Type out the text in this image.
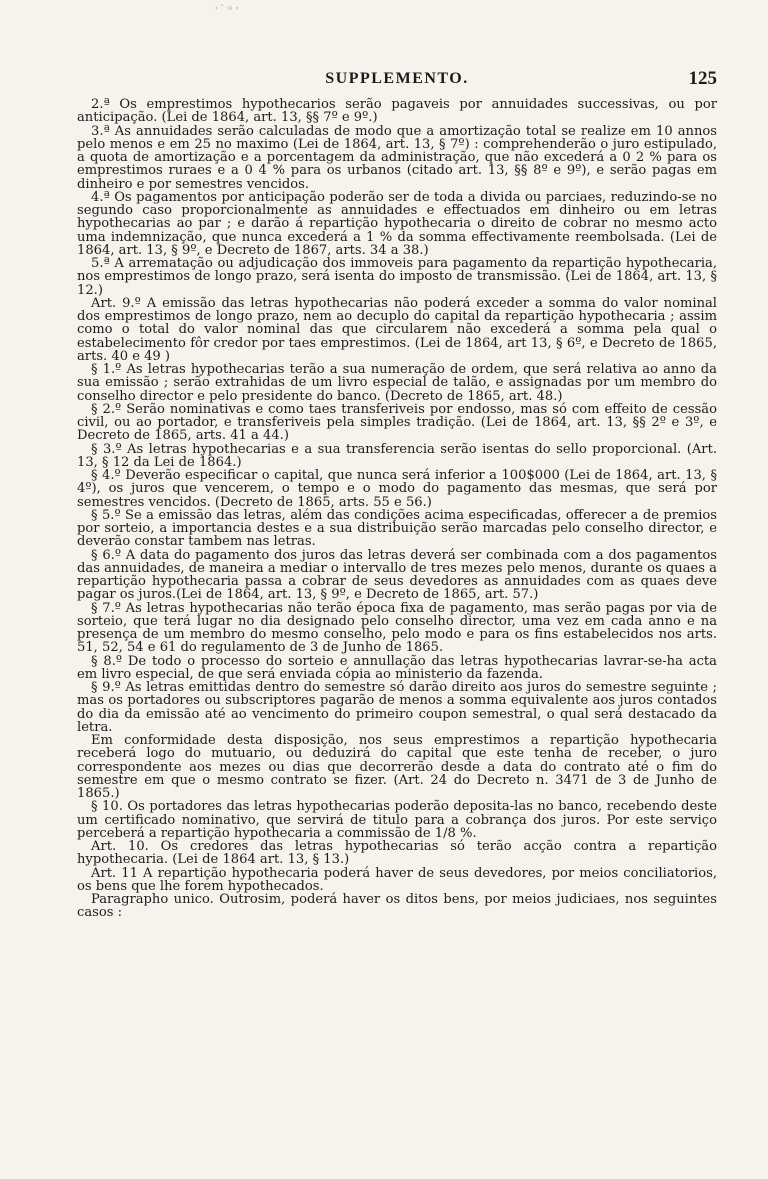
· ˙ ⁘ ·
SUPPLEMENTO.	125

2.ª Os emprestimos hypothecarios serão pagaveis por annuidades successivas, ou por anticipação. (Lei de 1864, art. 13, §§ 7º e 9º.)

3.ª As annuidades serão calculadas de modo que a amortização total se realize em 10 annos pelo menos e em 25 no maximo (Lei de 1864, art. 13, § 7º) : comprehenderão o juro estipulado, a quota de amortização e a porcentagem da administração, que não excederá a 0 2 % para os emprestimos ruraes e a 0 4 % para os urbanos (citado art. 13, §§ 8º e 9º), e serão pagas em dinheiro e por semestres vencidos.

4.ª Os pagamentos por anticipação poderão ser de toda a divida ou parciaes, reduzindo-se no segundo caso proporcionalmente as annuidades e effectuados em dinheiro ou em letras hypothecarias ao par ; e darão á repartição hypothecaria o direito de cobrar no mesmo acto uma indemnização, que nunca excederá a 1 % da somma effectivamente reembolsada. (Lei de 1864, art. 13, § 9º, e Decreto de 1867, arts. 34 a 38.)

5.ª A arrematação ou adjudicação dos immoveis para pagamento da repartição hypothecaria, nos emprestimos de longo prazo, será isenta do imposto de transmissão. (Lei de 1864, art. 13, § 12.)

Art. 9.º A emissão das letras hypothecarias não poderá exceder a somma do valor nominal dos emprestimos de longo prazo, nem ao decuplo do capital da repartição hypothecaria ; assim como o total do valor nominal das que circularem não excederá a somma pela qual o estabelecimento fôr credor por taes emprestimos. (Lei de 1864, art 13, § 6º, e Decreto de 1865, arts. 40 e 49 )

§ 1.º As letras hypothecarias terão a sua numeração de ordem, que será relativa ao anno da sua emissão ; serão extrahidas de um livro especial de talão, e assignadas por um membro do conselho director e pelo presidente do banco. (Decreto de 1865, art. 48.)

§ 2.º Serão nominativas e como taes transferiveis por endosso, mas só com effeito de cessão civil, ou ao portador, e transferiveis pela simples tradição. (Lei de 1864, art. 13, §§ 2º e 3º, e Decreto de 1865, arts. 41 a 44.)

§ 3.º As letras hypothecarias e a sua transferencia serão isentas do sello proporcional. (Art. 13, § 12 da Lei de 1864.)

§ 4.º Deverão especificar o capital, que nunca será inferior a 100$000 (Lei de 1864, art. 13, § 4º), os juros que vencerem, o tempo e o modo do pagamento das mesmas, que será por semestres vencidos. (Decreto de 1865, arts. 55 e 56.)

§ 5.º Se a emissão das letras, além das condições acima especificadas, offerecer a de premios por sorteio, a importancia destes e a sua distribuição serão marcadas pelo conselho director, e deverão constar tambem nas letras.

§ 6.º A data do pagamento dos juros das letras deverá ser combinada com a dos pagamentos das annuidades, de maneira a mediar o intervallo de tres mezes pelo menos, durante os quaes a repartição hypothecaria passa a cobrar de seus devedores as annuidades com as quaes deve pagar os juros.(Lei de 1864, art. 13, § 9º, e Decreto de 1865, art. 57.)

§ 7.º As letras hypothecarias não terão época fixa de pagamento, mas serão pagas por via de sorteio, que terá lugar no dia designado pelo conselho director, uma vez em cada anno e na presença de um membro do mesmo conselho, pelo modo e para os fins estabelecidos nos arts. 51, 52, 54 e 61 do regulamento de 3 de Junho de 1865.

§ 8.º De todo o processo do sorteio e annullação das letras hypothecarias lavrar-se-ha acta em livro especial, de que será enviada cópia ao ministerio da fazenda.

§ 9.º As letras emittidas dentro do semestre só darão direito aos juros do semestre seguinte ; mas os portadores ou subscriptores pagarão de menos a somma equivalente aos juros contados do dia da emissão até ao vencimento do primeiro coupon semestral, o qual será destacado da letra.

Em conformidade desta disposição, nos seus emprestimos a repartição hypothecaria receberá logo do mutuario, ou deduzirá do capital que este tenha de receber, o juro correspondente aos mezes ou dias que decorrerão desde a data do contrato até o fim do semestre em que o mesmo contrato se fizer. (Art. 24 do Decreto n. 3471 de 3 de Junho de 1865.)

§ 10. Os portadores das letras hypothecarias poderão deposita-las no banco, recebendo deste um certificado nominativo, que servirá de titulo para a cobrança dos juros. Por este serviço perceberá a repartição hypothecaria a commissão de 1/8 %.

Art. 10. Os credores das letras hypothecarias só terão acção contra a repartição hypothecaria. (Lei de 1864 art. 13, § 13.)

Art. 11 A repartição hypothecaria poderá haver de seus devedores, por meios conciliatorios, os bens que lhe forem hypothecados.

Paragrapho unico. Outrosim, poderá haver os ditos bens, por meios judiciaes, nos seguintes casos :
